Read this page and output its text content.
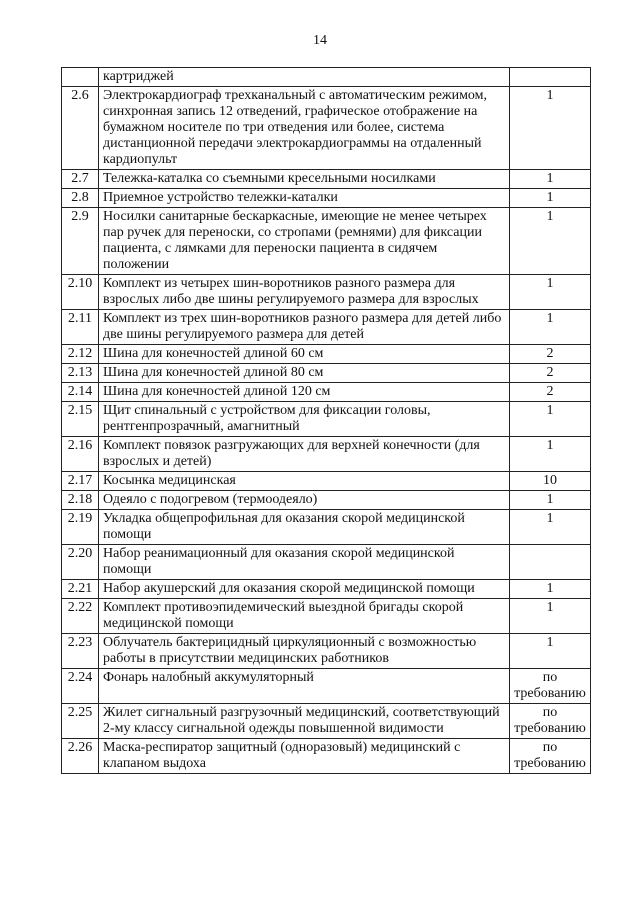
14
	картриджей	
2.6	Электрокардиограф трехканальный с автоматическим режимом, синхронная запись 12 отведений, графическое отображение на бумажном носителе по три отведения или более, система дистанционной передачи электрокардиограммы на отдаленный кардиопульт	1
2.7	Тележка-каталка со съемными кресельными носилками	1
2.8	Приемное устройство тележки-каталки	1
2.9	Носилки санитарные бескаркасные, имеющие не менее четырех пар ручек для переноски, со стропами (ремнями) для фиксации пациента, с лямками для переноски пациента в сидячем положении	1
2.10	Комплект из четырех шин-воротников разного размера для взрослых либо две шины регулируемого размера для взрослых	1
2.11	Комплект из трех шин-воротников разного размера для детей либо две шины регулируемого размера для детей	1
2.12	Шина для конечностей длиной 60 см	2
2.13	Шина для конечностей длиной 80 см	2
2.14	Шина для конечностей длиной 120 см	2
2.15	Щит спинальный с устройством для фиксации головы, рентгенпрозрачный, амагнитный	1
2.16	Комплект повязок разгружающих для верхней конечности (для взрослых и детей)	1
2.17	Косынка медицинская	10
2.18	Одеяло с подогревом (термоодеяло)	1
2.19	Укладка общепрофильная для оказания скорой медицинской помощи	1
2.20	Набор реанимационный для оказания скорой медицинской помощи	
2.21	Набор акушерский для оказания скорой медицинской помощи	1
2.22	Комплект противоэпидемический выездной бригады скорой медицинской помощи	1
2.23	Облучатель бактерицидный циркуляционный с возможностью работы в присутствии медицинских работников	1
2.24	Фонарь налобный аккумуляторный	по требованию
2.25	Жилет сигнальный разгрузочный медицинский, соответствующий 2-му классу сигнальной одежды повышенной видимости	по требованию
2.26	Маска-респиратор защитный (одноразовый) медицинский с клапаном выдоха	по требованию
